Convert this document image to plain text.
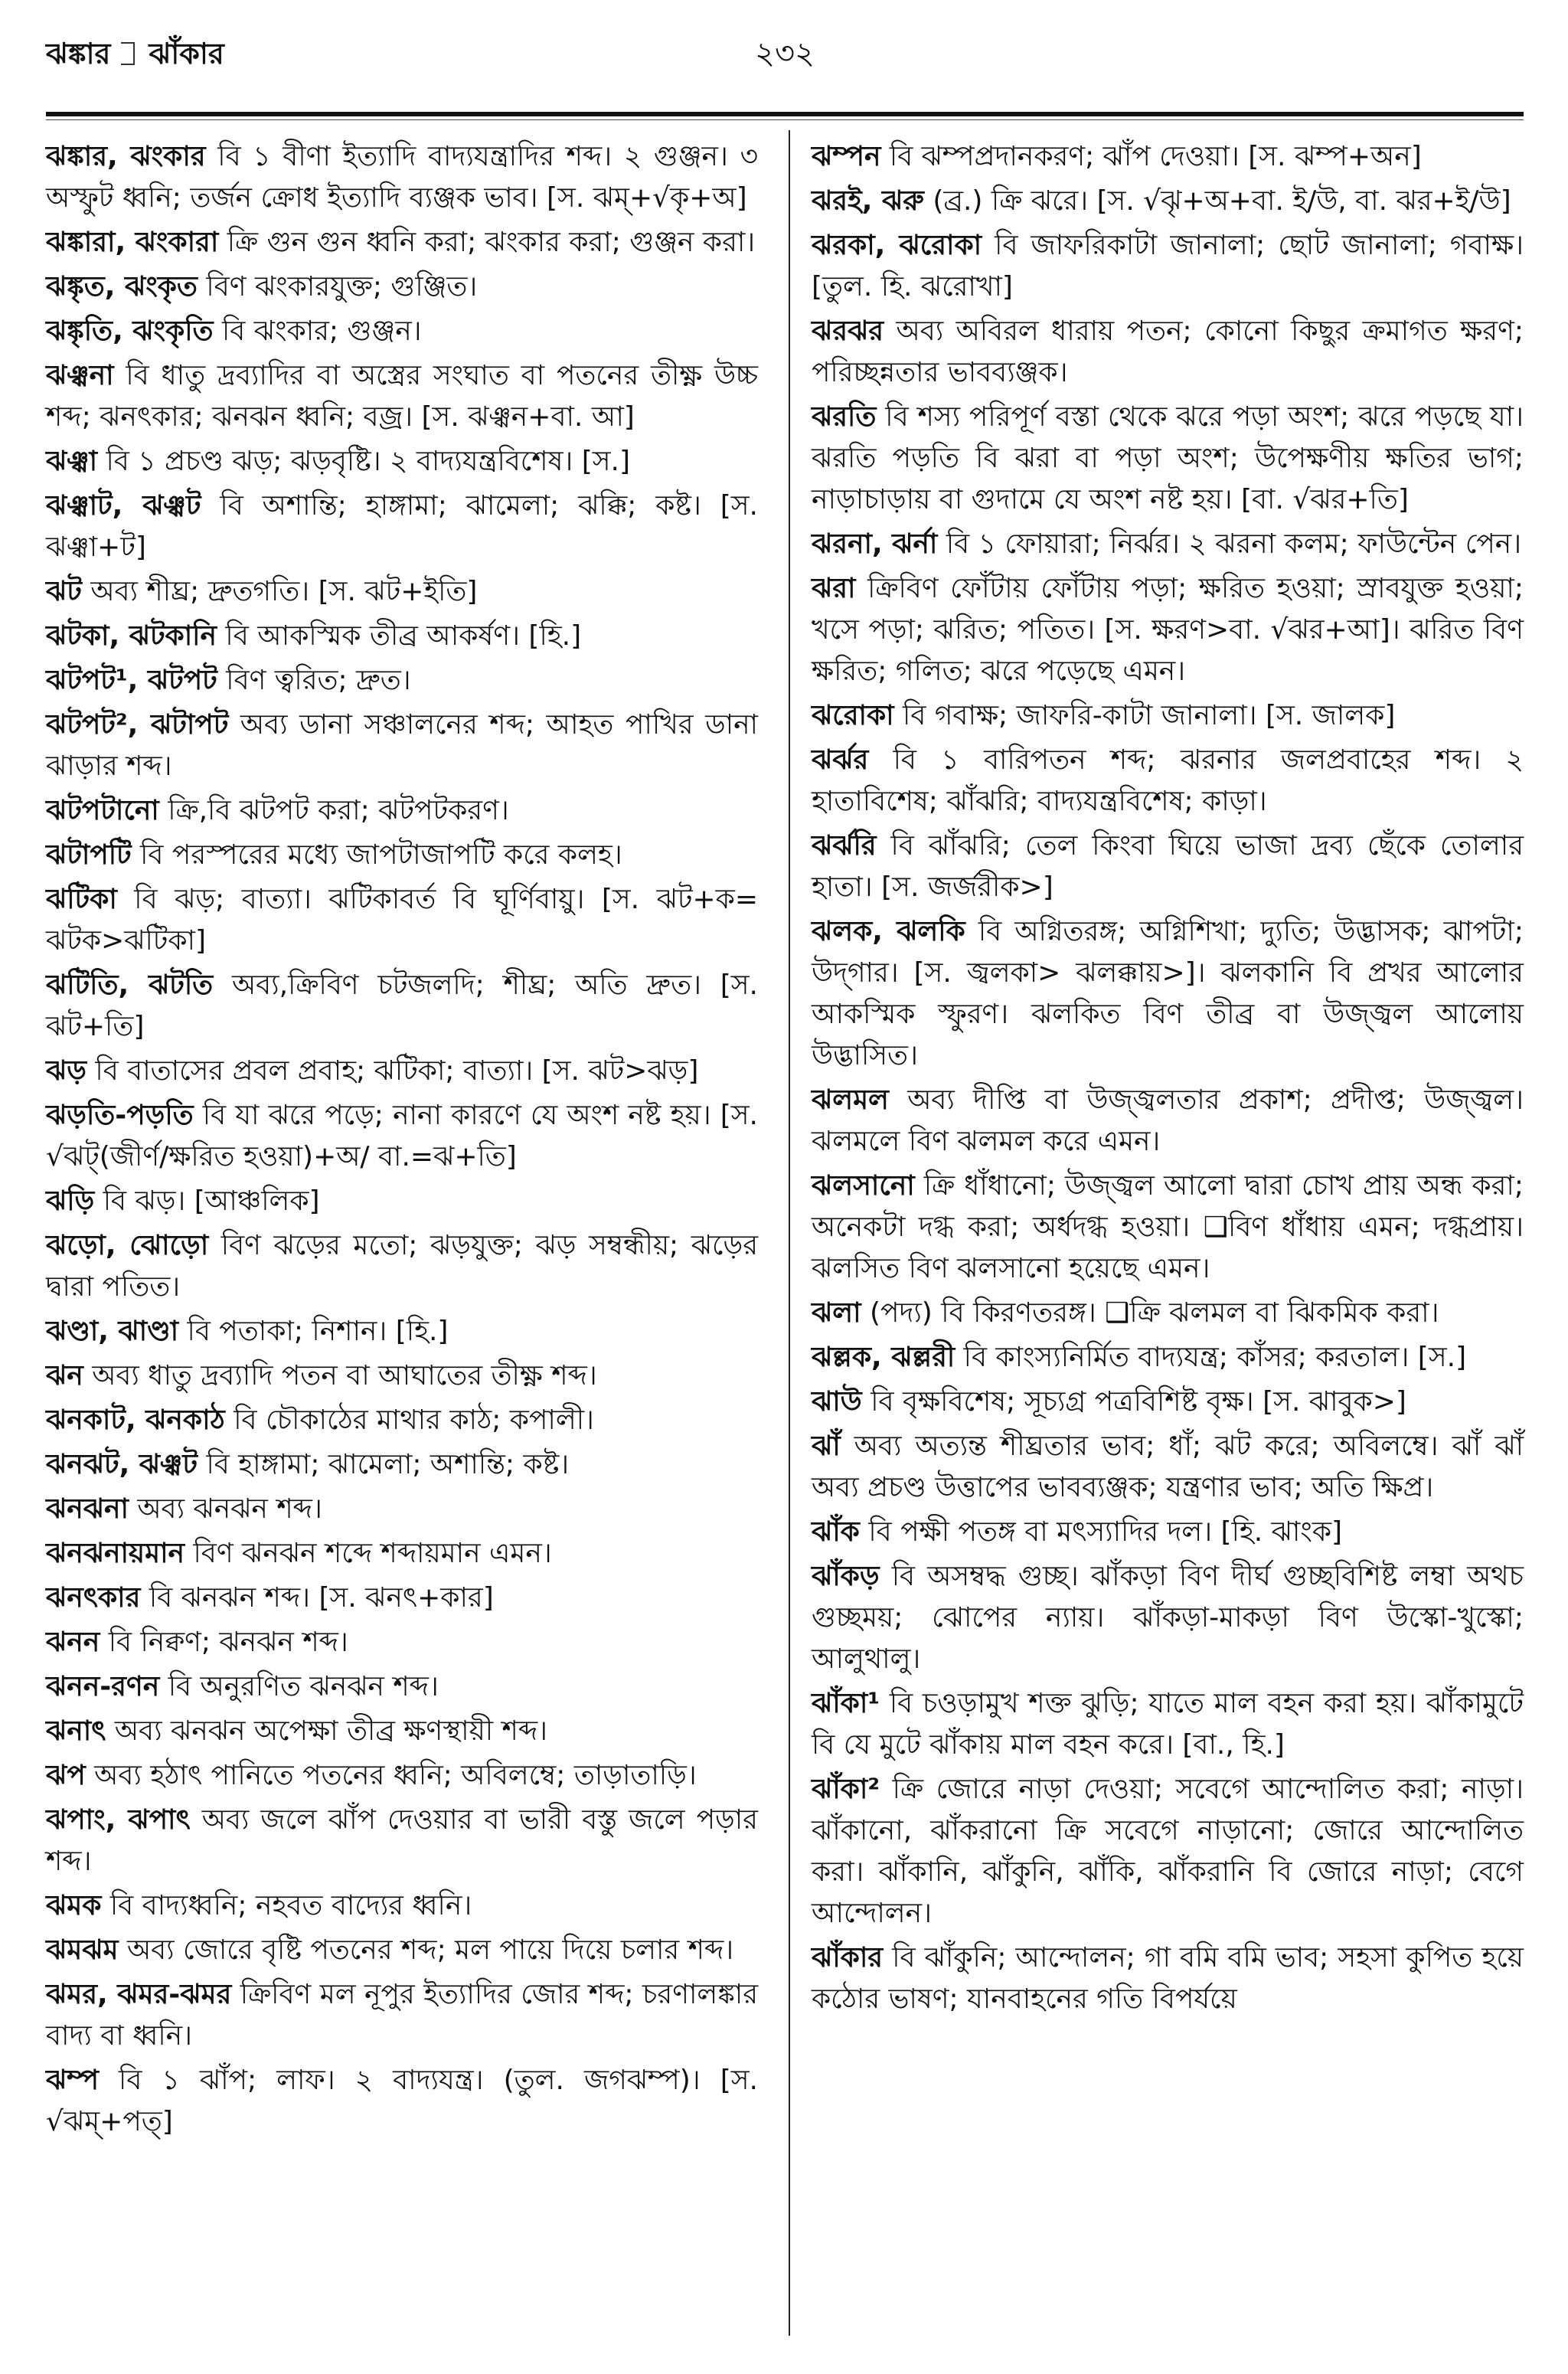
ঝঙ্কার ঝাঁকার	২৩২
ঝঙ্কার, ঝংকার বি ১ বীণা ইত্যাদি বাদ্যযন্ত্রাদির শব্দ। ২ গুঞ্জন। ৩ অস্ফুট ধ্বনি; তর্জন ক্রোধ ইত্যাদি ব্যঞ্জক ভাব। [স. ঝম্‌+√কৃ+অ]
ঝঙ্কারা, ঝংকারা ক্রি গুন গুন ধ্বনি করা; ঝংকার করা; গুঞ্জন করা।
ঝঙ্কৃত, ঝংকৃত বিণ ঝংকারযুক্ত; গুঞ্জিত।
ঝঙ্কৃতি, ঝংকৃতি বি ঝংকার; গুঞ্জন।
ঝঞ্ঝনা বি ধাতু দ্রব্যাদির বা অস্ত্রের সংঘাত বা পতনের তীক্ষ্ণ উচ্চ শব্দ; ঝনৎকার; ঝনঝন ধ্বনি; বজ্র। [স. ঝঞ্ঝন+বা. আ]
ঝঞ্ঝা বি ১ প্রচণ্ড ঝড়; ঝড়বৃষ্টি। ২ বাদ্যযন্ত্রবিশেষ। [স.]
ঝঞ্ঝাট, ঝঞ্ঝট বি অশান্তি; হাঙ্গামা; ঝামেলা; ঝক্কি; কষ্ট। [স. ঝঞ্ঝা+ট]
ঝট অব্য শীঘ্র; দ্রুতগতি। [স. ঝট+ইতি]
ঝটকা, ঝটকানি বি আকস্মিক তীব্র আকর্ষণ। [হি.]
ঝটপট¹, ঝটপট বিণ ত্বরিত; দ্রুত।
ঝটপট², ঝটাপট অব্য ডানা সঞ্চালনের শব্দ; আহত পাখির ডানা ঝাড়ার শব্দ।
ঝটপটানো ক্রি,বি ঝটপট করা; ঝটপটকরণ।
ঝটাপটি বি পরস্পরের মধ্যে জাপটাজাপটি করে কলহ।
ঝটিকা বি ঝড়; বাত্যা। ঝটিকাবর্ত বি ঘূর্ণিবায়ু। [স. ঝট+ক= ঝটক>ঝটিকা]
ঝটিতি, ঝটতি অব্য,ক্রিবিণ চটজলদি; শীঘ্র; অতি দ্রুত। [স. ঝট+তি]
ঝড় বি বাতাসের প্রবল প্রবাহ; ঝটিকা; বাত্যা। [স. ঝট>ঝড়]
ঝড়তি-পড়তি বি যা ঝরে পড়ে; নানা কারণে যে অংশ নষ্ট হয়। [স. √ঝট্‌(জীর্ণ/ক্ষরিত হওয়া)+অ/ বা.=ঝ+তি]
ঝড়ি বি ঝড়। [আঞ্চলিক]
ঝড়ো, ঝোড়ো বিণ ঝড়ের মতো; ঝড়যুক্ত; ঝড় সম্বন্ধীয়; ঝড়ের দ্বারা পতিত।
ঝণ্ডা, ঝাণ্ডা বি পতাকা; নিশান। [হি.]
ঝন অব্য ধাতু দ্রব্যাদি পতন বা আঘাতের তীক্ষ্ণ শব্দ।
ঝনকাট, ঝনকাঠ বি চৌকাঠের মাথার কাঠ; কপালী।
ঝনঝট, ঝঞ্ঝট বি হাঙ্গামা; ঝামেলা; অশান্তি; কষ্ট।
ঝনঝনা অব্য ঝনঝন শব্দ।
ঝনঝনায়মান বিণ ঝনঝন শব্দে শব্দায়মান এমন।
ঝনৎকার বি ঝনঝন শব্দ। [স. ঝনৎ+কার]
ঝনন বি নিক্বণ; ঝনঝন শব্দ।
ঝনন-রণন বি অনুরণিত ঝনঝন শব্দ।
ঝনাৎ অব্য ঝনঝন অপেক্ষা তীব্র ক্ষণস্থায়ী শব্দ।
ঝপ অব্য হঠাৎ পানিতে পতনের ধ্বনি; অবিলম্বে; তাড়াতাড়ি।
ঝপাং, ঝপাৎ অব্য জলে ঝাঁপ দেওয়ার বা ভারী বস্তু জলে পড়ার শব্দ।
ঝমক বি বাদ্যধ্বনি; নহবত বাদ্যের ধ্বনি।
ঝমঝম অব্য জোরে বৃষ্টি পতনের শব্দ; মল পায়ে দিয়ে চলার শব্দ।
ঝমর, ঝমর-ঝমর ক্রিবিণ মল নূপুর ইত্যাদির জোর শব্দ; চরণালঙ্কার বাদ্য বা ধ্বনি।
ঝম্প বি ১ ঝাঁপ; লাফ। ২ বাদ্যযন্ত্র। (তুল. জগঝম্প)। [স. √ঝম্‌+পত্‌]
ঝম্পন বি ঝম্পপ্রদানকরণ; ঝাঁপ দেওয়া। [স. ঝম্প+অন]
ঝরই, ঝরু (ব্র.) ক্রি ঝরে। [স. √ঝৃ+অ+বা. ই/উ, বা. ঝর+ই/উ]
ঝরকা, ঝরোকা বি জাফরিকাটা জানালা; ছোট জানালা; গবাক্ষ। [তুল. হি. ঝরোখা]
ঝরঝর অব্য অবিরল ধারায় পতন; কোনো কিছুর ক্রমাগত ক্ষরণ; পরিচ্ছন্নতার ভাবব্যঞ্জক।
ঝরতি বি শস্য পরিপূর্ণ বস্তা থেকে ঝরে পড়া অংশ; ঝরে পড়ছে যা। ঝরতি পড়তি বি ঝরা বা পড়া অংশ; উপেক্ষণীয় ক্ষতির ভাগ; নাড়াচাড়ায় বা গুদামে যে অংশ নষ্ট হয়। [বা. √ঝর+তি]
ঝরনা, ঝর্না বি ১ ফোয়ারা; নির্ঝর। ২ ঝরনা কলম; ফাউন্টেন পেন।
ঝরা ক্রিবিণ ফোঁটায় ফোঁটায় পড়া; ক্ষরিত হওয়া; স্রাবযুক্ত হওয়া; খসে পড়া; ঝরিত; পতিত। [স. ক্ষরণ>বা. √ঝর+আ]। ঝরিত বিণ ক্ষরিত; গলিত; ঝরে পড়েছে এমন।
ঝরোকা বি গবাক্ষ; জাফরি-কাটা জানালা। [স. জালক]
ঝর্ঝর বি ১ বারিপতন শব্দ; ঝরনার জলপ্রবাহের শব্দ। ২ হাতাবিশেষ; ঝাঁঝরি; বাদ্যযন্ত্রবিশেষ; কাড়া।
ঝর্ঝরি বি ঝাঁঝরি; তেল কিংবা ঘিয়ে ভাজা দ্রব্য ছেঁকে তোলার হাতা। [স. জর্জরীক>]
ঝলক, ঝলকি বি অগ্নিতরঙ্গ; অগ্নিশিখা; দ্যুতি; উদ্ভাসক; ঝাপটা; উদ্‌গার। [স. জ্বলকা> ঝলক্কায়>]। ঝলকানি বি প্রখর আলোর আকস্মিক স্ফুরণ। ঝলকিত বিণ তীব্র বা উজ্জ্বল আলোয় উদ্ভাসিত।
ঝলমল অব্য দীপ্তি বা উজ্জ্বলতার প্রকাশ; প্রদীপ্ত; উজ্জ্বল। ঝলমলে বিণ ঝলমল করে এমন।
ঝলসানো ক্রি ধাঁধানো; উজ্জ্বল আলো দ্বারা চোখ প্রায় অন্ধ করা; অনেকটা দগ্ধ করা; অর্ধদগ্ধ হওয়া। ❑বিণ ধাঁধায় এমন; দগ্ধপ্রায়। ঝলসিত বিণ ঝলসানো হয়েছে এমন।
ঝলা (পদ্য) বি কিরণতরঙ্গ। ❑ক্রি ঝলমল বা ঝিকমিক করা।
ঝল্লক, ঝল্লরী বি কাংস্যনির্মিত বাদ্যযন্ত্র; কাঁসর; করতাল। [স.]
ঝাউ বি বৃক্ষবিশেষ; সূচ্যগ্র পত্রবিশিষ্ট বৃক্ষ। [স. ঝাবুক>]
ঝাঁ অব্য অত্যন্ত শীঘ্রতার ভাব; ধাঁ; ঝট করে; অবিলম্বে। ঝাঁ ঝাঁ অব্য প্রচণ্ড উত্তাপের ভাবব্যঞ্জক; যন্ত্রণার ভাব; অতি ক্ষিপ্র।
ঝাঁক বি পক্ষী পতঙ্গ বা মৎস্যাদির দল। [হি. ঝাংক]
ঝাঁকড় বি অসম্বদ্ধ গুচ্ছ। ঝাঁকড়া বিণ দীর্ঘ গুচ্ছবিশিষ্ট লম্বা অথচ গুচ্ছময়; ঝোপের ন্যায়। ঝাঁকড়া-মাকড়া বিণ উস্কো-খুস্কো; আলুথালু।
ঝাঁকা¹ বি চওড়ামুখ শক্ত ঝুড়ি; যাতে মাল বহন করা হয়। ঝাঁকামুটে বি যে মুটে ঝাঁকায় মাল বহন করে। [বা., হি.]
ঝাঁকা² ক্রি জোরে নাড়া দেওয়া; সবেগে আন্দোলিত করা; নাড়া। ঝাঁকানো, ঝাঁকরানো ক্রি সবেগে নাড়ানো; জোরে আন্দোলিত করা। ঝাঁকানি, ঝাঁকুনি, ঝাঁকি, ঝাঁকরানি বি জোরে নাড়া; বেগে আন্দোলন।
ঝাঁকার বি ঝাঁকুনি; আন্দোলন; গা বমি বমি ভাব; সহসা কুপিত হয়ে কঠোর ভাষণ; যানবাহনের গতি বিপর্যয়ে
